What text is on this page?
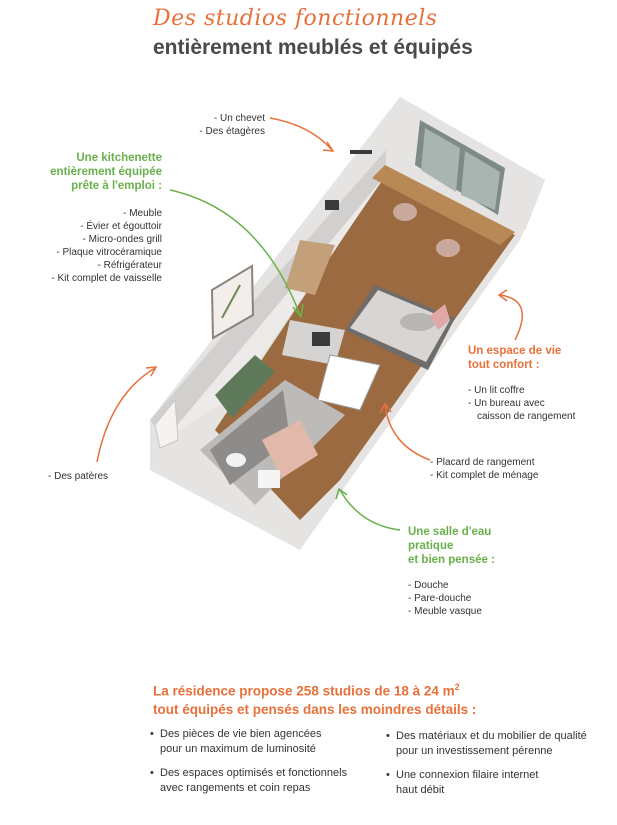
Des studios fonctionnels
entièrement meublés et équipés
- Un chevet
- Des étagères
Une kitchenette
entièrement équipée
prête à l'emploi :
- Meuble
- Évier et égouttoir
- Micro-ondes grill
- Plaque vitrocéramique
- Réfrigérateur
- Kit complet de vaisselle
Un espace de vie
tout confort :
- Un lit coffre
- Un bureau avec
caisson de rangement
- Placard de rangement
- Kit complet de ménage
- Des patères
Une salle d'eau
pratique
et bien pensée :
- Douche
- Pare-douche
- Meuble vasque
La résidence propose 258 studios de 18 à 24 $m^2$
tout équipés et pensés dans les moindres détails :
• Des pièces de vie bien agencées
pour un maximum de luminosité
• Des espaces optimisés et fonctionnels
avec rangements et coin repas
• Des matériaux et du mobilier de qualité
pour un investissement pérenne
• Une connexion filaire internet
haut débit
